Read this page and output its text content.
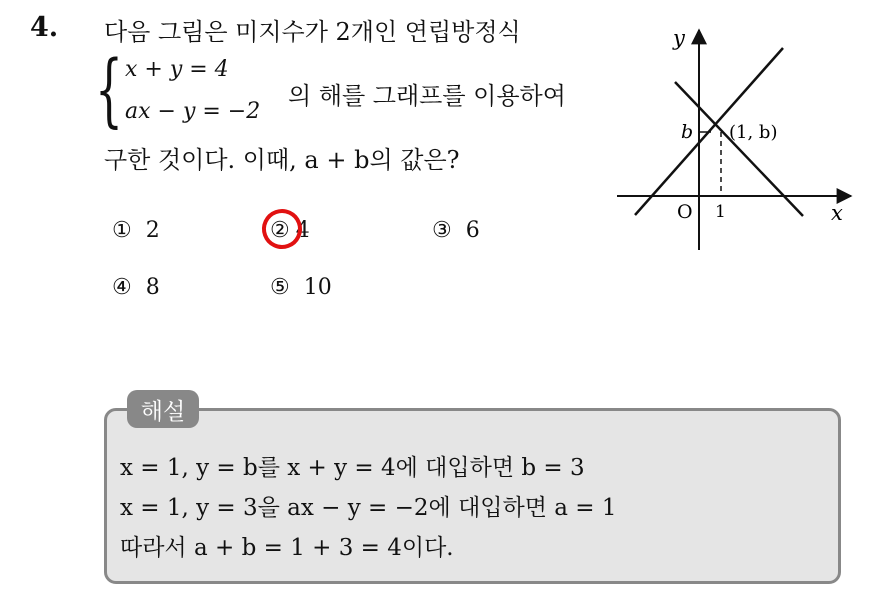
4. 다음 그림은 미지수가 2개인 연립방정식
{ x + y = 4
ax − y = −2
의 해를 그래프를 이용하여
구한 것이다. 이때, a + b의 값은?
① 2	② 4	③ 6
④ 8	⑤ 10
y
x
O 1
b (1, b)
해설
x = 1, y = b를 x + y = 4에 대입하면 b = 3
x = 1, y = 3을 ax − y = −2에 대입하면 a = 1
따라서 a + b = 1 + 3 = 4이다.
